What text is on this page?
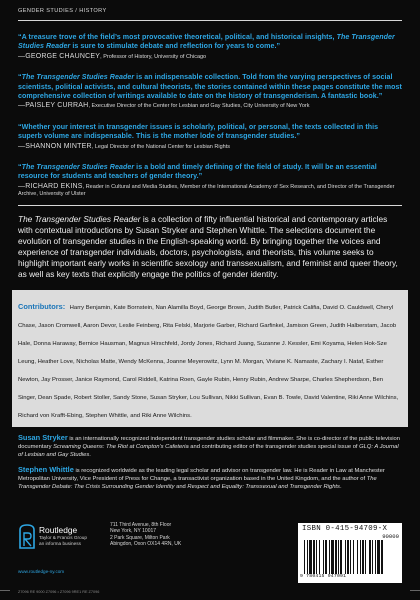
GENDER STUDIES / HISTORY
“A treasure trove of the field’s most provocative theoretical, political, and historical insights, The Transgender Studies Reader is sure to stimulate debate and reflection for years to come.”
—GEORGE CHAUNCEY, Professor of History, University of Chicago
“The Transgender Studies Reader is an indispensable collection. Told from the varying perspectives of social scientists, political activists, and cultural theorists, the stories contained within these pages constitute the most comprehensive collection of writings available to date on the history of transgenderism. A fantastic book.”
—PAISLEY CURRAH, Executive Director of the Center for Lesbian and Gay Studies, City University of New York
“Whether your interest in transgender issues is scholarly, political, or personal, the texts collected in this superb volume are indispensable. This is the mother lode of transgender studies.”
—SHANNON MINTER, Legal Director of the National Center for Lesbian Rights
“The Transgender Studies Reader is a bold and timely defining of the field of study. It will be an essential resource for students and teachers of gender theory.”
—RICHARD EKINS, Reader in Cultural and Media Studies, Member of the International Academy of Sex Research, and Director of the Transgender Archive, University of Ulster
The Transgender Studies Reader is a collection of fifty influential historical and contemporary articles with contextual introductions by Susan Stryker and Stephen Whittle. The selections document the evolution of transgender studies in the English-speaking world. By bringing together the voices and experience of transgender individuals, doctors, psychologists, and theorists, this volume seeks to highlight important early works in scientific sexology and transsexualism, and feminist and queer theory, as well as key texts that explicitly engage the politics of gender identity.
Contributors: Harry Benjamin, Kate Bornstein, Nan Alamilla Boyd, George Brown, Judith Butler, Patrick Califia, David O. Cauldwell, Cheryl Chase, Jason Cromwell, Aaron Devor, Leslie Feinberg, Rita Felski, Marjorie Garber, Richard Garfinkel, Jamison Green, Judith Halberstam, Jacob Hale, Donna Haraway, Bernice Hausman, Magnus Hirschfeld, Jordy Jones, Richard Juang, Suzanne J. Kessler, Emi Koyama, Helen Hok-Sze Leung, Heather Love, Nicholas Matte, Wendy McKenna, Joanne Meyerowitz, Lynn M. Morgan, Viviane K. Namaste, Zachary I. Nataf, Esther Newton, Jay Prosser, Janice Raymond, Carol Riddell, Katrina Roen, Gayle Rubin, Henry Rubin, Andrew Sharpe, Charles Shepherdson, Ben Singer, Dean Spade, Robert Stoller, Sandy Stone, Susan Stryker, Lou Sullivan, Nikki Sullivan, Evan B. Towle, David Valentine, Riki Anne Wilchins, Richard von Krafft-Ebing, Stephen Whittle, and Riki Anne Wilchins.
Susan Stryker is an internationally recognized independent transgender studies scholar and filmmaker. She is co-director of the public television documentary Screaming Queens: The Riot at Compton’s Cafeteria and contributing editor of the transgender studies special issue of GLQ: A Journal of Lesbian and Gay Studies.
Stephen Whittle is recognized worldwide as the leading legal scholar and advisor on transgender law. He is Reader in Law at Manchester Metropolitan University, Vice President of Press for Change, a transactivist organization based in the United Kingdom, and the author of The Transgender Debate: The Crisis Surrounding Gender Identity and Respect and Equality: Transsexual and Transgender Rights.
Routledge
Taylor & Francis Group
an informa business
www.routledge-ny.com
711 Third Avenue, 8th Floor
New York, NY 10017
2 Park Square, Milton Park
Abingdon, Oxon OX14 4RN, UK
ISBN 0-415-94709-X
90000
9 780415 947091
Z7096 RE 9000 Z7096 • Z7096 9RE1 RE Z7096
